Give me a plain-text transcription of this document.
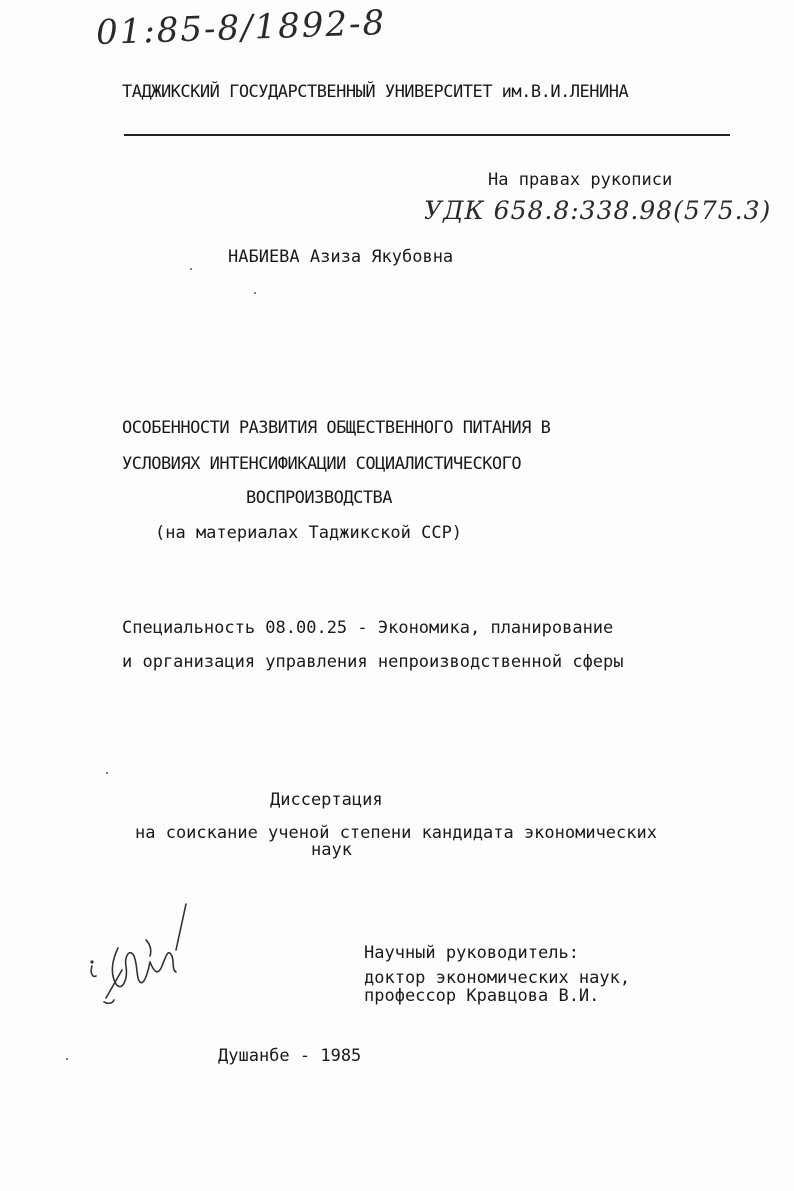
01:85-8/1892-8
ТАДЖИКСКИЙ ГОСУДАРСТВЕННЫЙ УНИВЕРСИТЕТ им.В.И.ЛЕНИНА
На правах рукописи
УДК 658.8:338.98(575.3)
НАБИЕВА Азиза Якубовна
ОСОБЕННОСТИ РАЗВИТИЯ ОБЩЕСТВЕННОГО ПИТАНИЯ В
УСЛОВИЯХ ИНТЕНСИФИКАЦИИ СОЦИАЛИСТИЧЕСКОГО
ВОСПРОИЗВОДСТВА
(на материалах Таджикской ССР)
Специальность 08.00.25 - Экономика, планирование
и организация управления непроизводственной сферы
Диссертация
на соискание ученой степени кандидата экономических
наук
Научный руководитель:
доктор экономических наук,
профессор Кравцова В.И.
Душанбе - 1985
